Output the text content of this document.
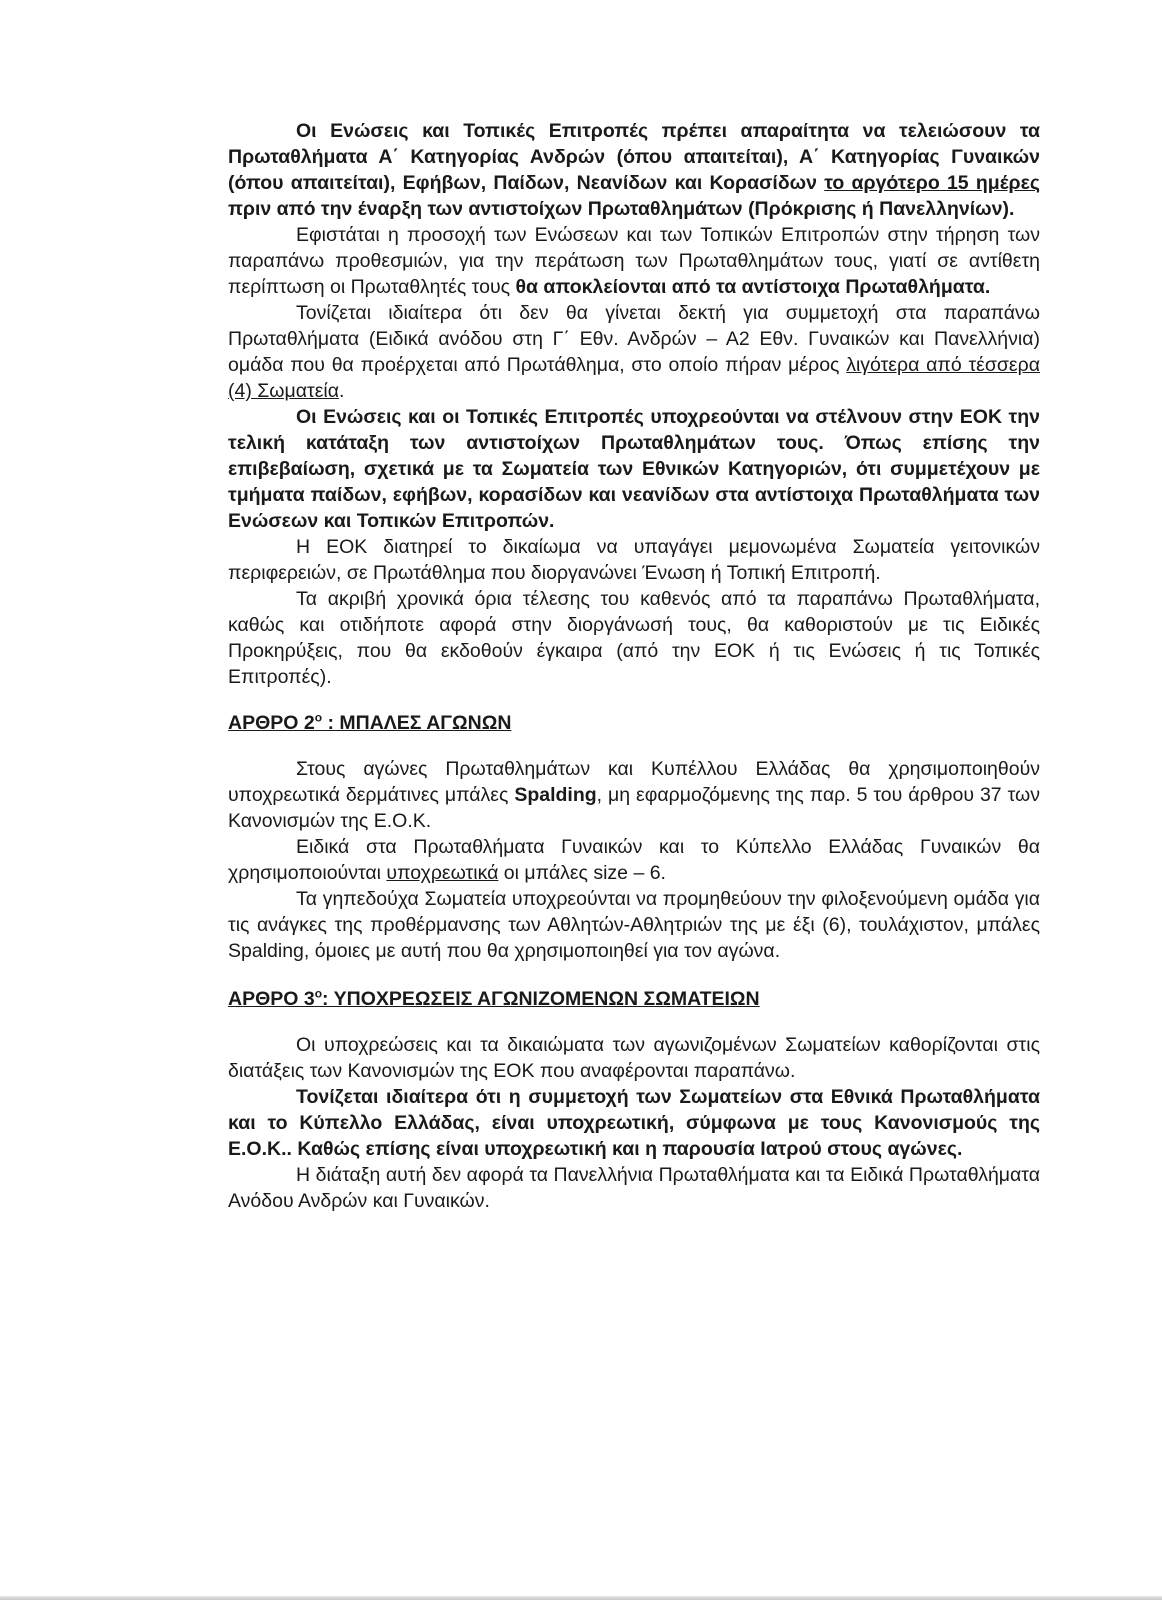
Οι Ενώσεις και Τοπικές Επιτροπές πρέπει απαραίτητα να τελειώσουν τα Πρωταθλήματα Α΄ Κατηγορίας Ανδρών (όπου απαιτείται), Α΄ Κατηγορίας Γυναικών (όπου απαιτείται), Εφήβων, Παίδων, Νεανίδων και Κορασίδων το αργότερο 15 ημέρες πριν από την έναρξη των αντιστοίχων Πρωταθλημάτων (Πρόκρισης ή Πανελληνίων).

Εφιστάται η προσοχή των Ενώσεων και των Τοπικών Επιτροπών στην τήρηση των παραπάνω προθεσμιών, για την περάτωση των Πρωταθλημάτων τους, γιατί σε αντίθετη περίπτωση οι Πρωταθλητές τους θα αποκλείονται από τα αντίστοιχα Πρωταθλήματα.

Τονίζεται ιδιαίτερα ότι δεν θα γίνεται δεκτή για συμμετοχή στα παραπάνω Πρωταθλήματα (Ειδικά ανόδου στη Γ΄ Εθν. Ανδρών – Α2 Εθν. Γυναικών και Πανελλήνια) ομάδα που θα προέρχεται από Πρωτάθλημα, στο οποίο πήραν μέρος λιγότερα από τέσσερα (4) Σωματεία.

Οι Ενώσεις και οι Τοπικές Επιτροπές υποχρεούνται να στέλνουν στην ΕΟΚ την τελική κατάταξη των αντιστοίχων Πρωταθλημάτων τους. Όπως επίσης την επιβεβαίωση, σχετικά με τα Σωματεία των Εθνικών Κατηγοριών, ότι συμμετέχουν με τμήματα παίδων, εφήβων, κορασίδων και νεανίδων στα αντίστοιχα Πρωταθλήματα των Ενώσεων και Τοπικών Επιτροπών.

Η ΕΟΚ διατηρεί το δικαίωμα να υπαγάγει μεμονωμένα Σωματεία γειτονικών περιφερειών, σε Πρωτάθλημα που διοργανώνει Ένωση ή Τοπική Επιτροπή.

Τα ακριβή χρονικά όρια τέλεσης του καθενός από τα παραπάνω Πρωταθλήματα, καθώς και οτιδήποτε αφορά στην διοργάνωσή τους, θα καθοριστούν με τις Ειδικές Προκηρύξεις, που θα εκδοθούν έγκαιρα (από την ΕΟΚ ή τις Ενώσεις ή τις Τοπικές Επιτροπές).

ΑΡΘΡΟ $2^o$ : ΜΠΑΛΕΣ ΑΓΩΝΩΝ

Στους αγώνες Πρωταθλημάτων και Κυπέλλου Ελλάδας θα χρησιμοποιηθούν υποχρεωτικά δερμάτινες μπάλες Spalding, μη εφαρμοζόμενης της παρ. 5 του άρθρου 37 των Κανονισμών της Ε.Ο.Κ.

Ειδικά στα Πρωταθλήματα Γυναικών και το Κύπελλο Ελλάδας Γυναικών θα χρησιμοποιούνται υποχρεωτικά οι μπάλες size – 6.

Τα γηπεδούχα Σωματεία υποχρεούνται να προμηθεύουν την φιλοξενούμενη ομάδα για τις ανάγκες της προθέρμανσης των Αθλητών-Αθλητριών της με έξι (6), τουλάχιστον, μπάλες Spalding, όμοιες με αυτή που θα χρησιμοποιηθεί για τον αγώνα.

ΑΡΘΡΟ $3^o$: ΥΠΟΧΡΕΩΣΕΙΣ ΑΓΩΝΙΖΟΜΕΝΩΝ ΣΩΜΑΤΕΙΩΝ

Οι υποχρεώσεις και τα δικαιώματα των αγωνιζομένων Σωματείων καθορίζονται στις διατάξεις των Κανονισμών της ΕΟΚ που αναφέρονται παραπάνω.

Τονίζεται ιδιαίτερα ότι η συμμετοχή των Σωματείων στα Εθνικά Πρωταθλήματα και το Κύπελλο Ελλάδας, είναι υποχρεωτική, σύμφωνα με τους Κανονισμούς της Ε.Ο.Κ.. Καθώς επίσης είναι υποχρεωτική και η παρουσία Ιατρού στους αγώνες.

Η διάταξη αυτή δεν αφορά τα Πανελλήνια Πρωταθλήματα και τα Ειδικά Πρωταθλήματα Ανόδου Ανδρών και Γυναικών.
